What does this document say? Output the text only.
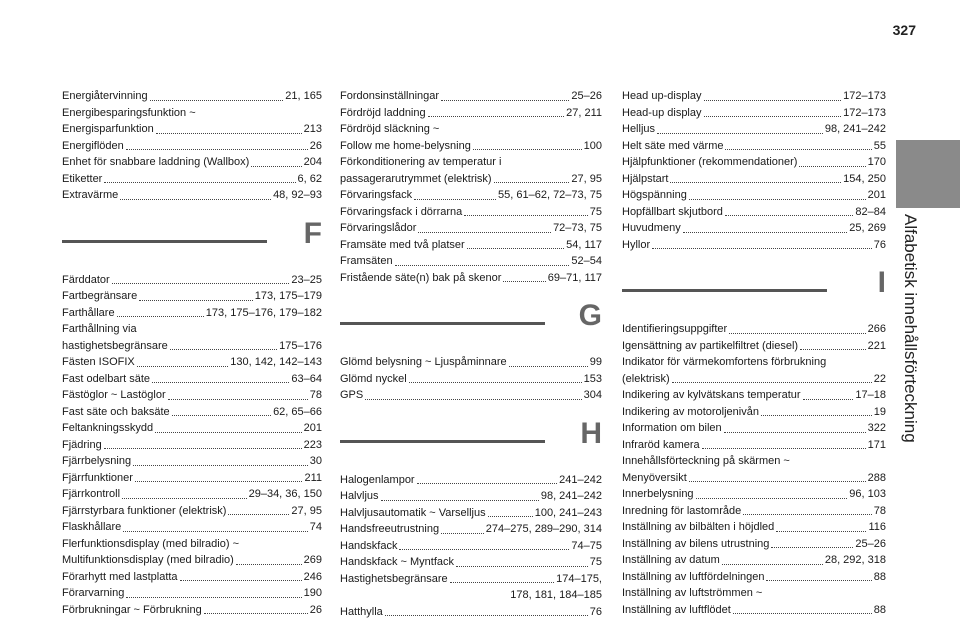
327
Alfabetisk innehållsförteckning
Energiåtervinning	21, 165
Energibesparingsfunktion ~
Energisparfunktion	213
Energiflöden	26
Enhet för snabbare laddning (Wallbox)	204
Etiketter	6, 62
Extravärme	48, 92–93
F
Färddator	23–25
Fartbegränsare	173, 175–179
Farthållare	173, 175–176, 179–182
Farthållning via
hastighetsbegränsare	175–176
Fästen ISOFIX	130, 142, 142–143
Fast odelbart säte	63–64
Fästöglor ~ Lastöglor	78
Fast säte och baksäte	62, 65–66
Feltankningsskydd	201
Fjädring	223
Fjärrbelysning	30
Fjärrfunktioner	211
Fjärrkontroll	29–34, 36, 150
Fjärrstyrbara funktioner (elektrisk)	27, 95
Flaskhållare	74
Flerfunktionsdisplay (med bilradio) ~
Multifunktionsdisplay (med bilradio)	269
Förarhytt med lastplatta	246
Förarvarning	190
Förbrukningar ~ Förbrukning	26
Fordonsinställningar	25–26
Fördröjd laddning	27, 211
Fördröjd släckning ~
Follow me home-belysning	100
Förkonditionering av temperatur i
passagerarutrymmet (elektrisk)	27, 95
Förvaringsfack	55, 61–62, 72–73, 75
Förvaringsfack i dörrarna	75
Förvaringslådor	72–73, 75
Framsäte med två platser	54, 117
Framsäten	52–54
Fristående säte(n) bak på skenor	69–71, 117
G
Glömd belysning ~ Ljuspåminnare	99
Glömd nyckel	153
GPS	304
H
Halogenlampor	241–242
Halvljus	98, 241–242
Halvljusautomatik ~ Varselljus	100, 241–243
Handsfreeutrustning	274–275, 289–290, 314
Handskfack	74–75
Handskfack ~ Myntfack	75
Hastighetsbegränsare	174–175,
178, 181, 184–185
Hatthylla	76
Head up-display	172–173
Head-up display	172–173
Helljus	98, 241–242
Helt säte med värme	55
Hjälpfunktioner (rekommendationer)	170
Hjälpstart	154, 250
Högspänning	201
Hopfällbart skjutbord	82–84
Huvudmeny	25, 269
Hyllor	76
I
Identifieringsuppgifter	266
Igensättning av partikelfiltret (diesel)	221
Indikator för värmekomfortens förbrukning
(elektrisk)	22
Indikering av kylvätskans temperatur	17–18
Indikering av motoroljenivån	19
Information om bilen	322
Infraröd kamera	171
Innehållsförteckning på skärmen ~
Menyöversikt	288
Innerbelysning	96, 103
Inredning för lastområde	78
Inställning av bilbälten i höjdled	116
Inställning av bilens utrustning	25–26
Inställning av datum	28, 292, 318
Inställning av luftfördelningen	88
Inställning av luftströmmen ~
Inställning av luftflödet	88
